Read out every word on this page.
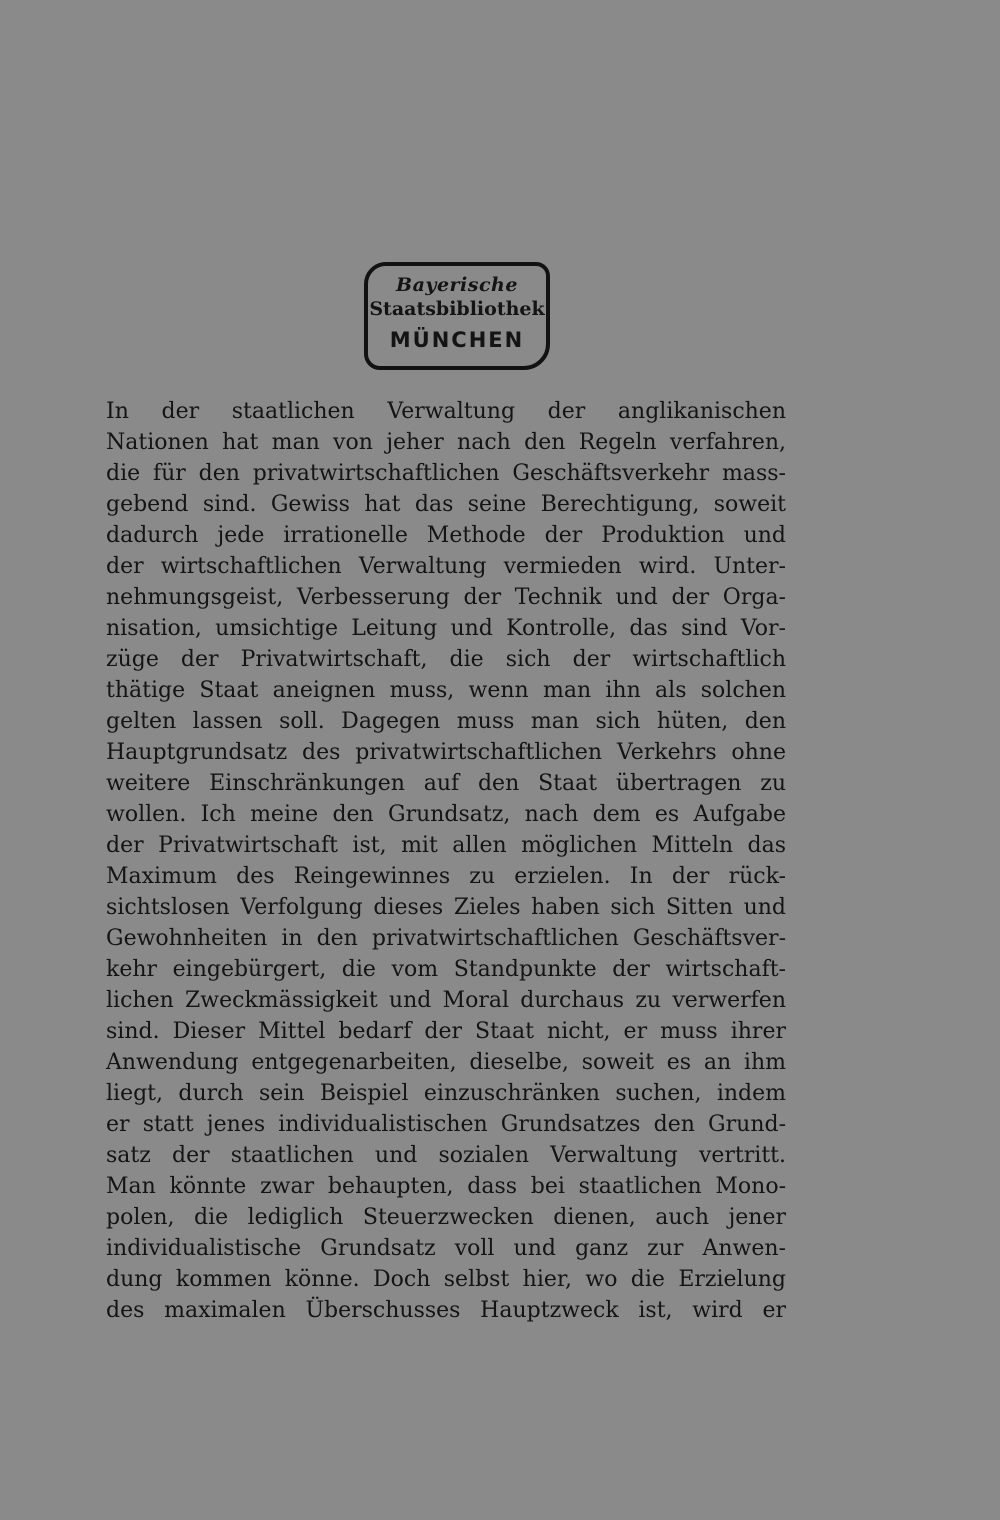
Bayerische
Staatsbibliothek
MÜNCHEN
In der staatlichen Verwaltung der anglikanischen
Nationen hat man von jeher nach den Regeln verfahren,
die für den privatwirtschaftlichen Geschäftsverkehr mass-
gebend sind. Gewiss hat das seine Berechtigung, soweit
dadurch jede irrationelle Methode der Produktion und
der wirtschaftlichen Verwaltung vermieden wird. Unter-
nehmungsgeist, Verbesserung der Technik und der Orga-
nisation, umsichtige Leitung und Kontrolle, das sind Vor-
züge der Privatwirtschaft, die sich der wirtschaftlich
thätige Staat aneignen muss, wenn man ihn als solchen
gelten lassen soll. Dagegen muss man sich hüten, den
Hauptgrundsatz des privatwirtschaftlichen Verkehrs ohne
weitere Einschränkungen auf den Staat übertragen zu
wollen. Ich meine den Grundsatz, nach dem es Aufgabe
der Privatwirtschaft ist, mit allen möglichen Mitteln das
Maximum des Reingewinnes zu erzielen. In der rück-
sichtslosen Verfolgung dieses Zieles haben sich Sitten und
Gewohnheiten in den privatwirtschaftlichen Geschäftsver-
kehr eingebürgert, die vom Standpunkte der wirtschaft-
lichen Zweckmässigkeit und Moral durchaus zu verwerfen
sind. Dieser Mittel bedarf der Staat nicht, er muss ihrer
Anwendung entgegenarbeiten, dieselbe, soweit es an ihm
liegt, durch sein Beispiel einzuschränken suchen, indem
er statt jenes individualistischen Grundsatzes den Grund-
satz der staatlichen und sozialen Verwaltung vertritt.
Man könnte zwar behaupten, dass bei staatlichen Mono-
polen, die lediglich Steuerzwecken dienen, auch jener
individualistische Grundsatz voll und ganz zur Anwen-
dung kommen könne. Doch selbst hier, wo die Erzielung
des maximalen Überschusses Hauptzweck ist, wird er
